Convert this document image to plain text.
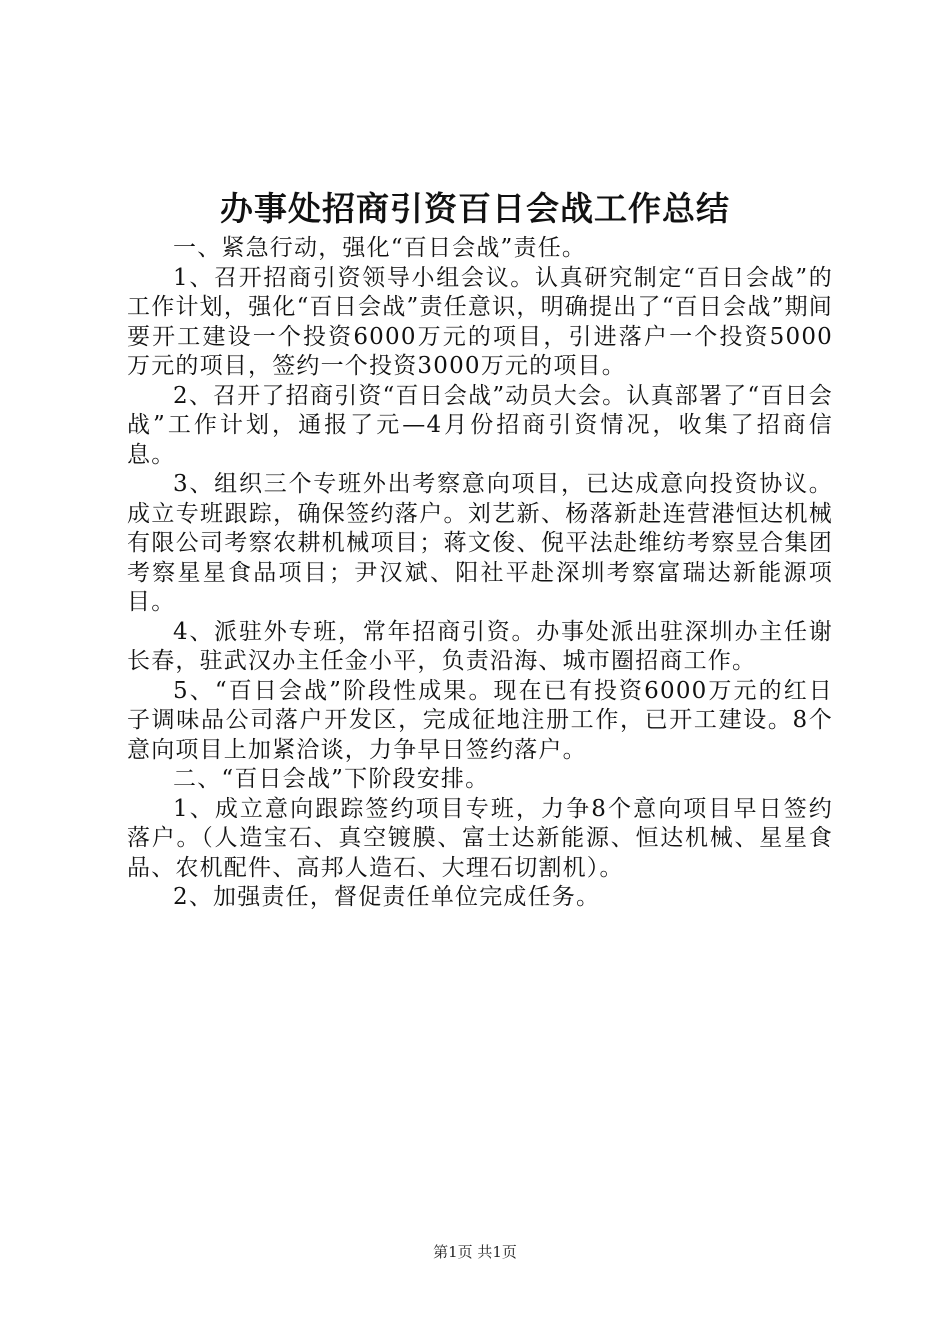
办事处招商引资百日会战工作总结

一、紧急行动，强化“百日会战”责任。

1、召开招商引资领导小组会议。认真研究制定“百日会战”的工作计划，强化“百日会战”责任意识，明确提出了“百日会战”期间要开工建设一个投资6000万元的项目，引进落户一个投资5000万元的项目，签约一个投资3000万元的项目。

2、召开了招商引资“百日会战”动员大会。认真部署了“百日会战”工作计划，通报了元—4月份招商引资情况，收集了招商信息。

3、组织三个专班外出考察意向项目，已达成意向投资协议。成立专班跟踪，确保签约落户。刘艺新、杨落新赴连营港恒达机械有限公司考察农耕机械项目；蒋文俊、倪平法赴维纺考察昱合集团考察星星食品项目；尹汉斌、阳社平赴深圳考察富瑞达新能源项目。

4、派驻外专班，常年招商引资。办事处派出驻深圳办主任谢长春，驻武汉办主任金小平，负责沿海、城市圈招商工作。

5、“百日会战”阶段性成果。现在已有投资6000万元的红日子调味品公司落户开发区，完成征地注册工作，已开工建设。8个意向项目上加紧洽谈，力争早日签约落户。

二、“百日会战”下阶段安排。

1、成立意向跟踪签约项目专班，力争8个意向项目早日签约落户。（人造宝石、真空镀膜、富士达新能源、恒达机械、星星食品、农机配件、高邦人造石、大理石切割机）。

2、加强责任，督促责任单位完成任务。

第1页 共1页
